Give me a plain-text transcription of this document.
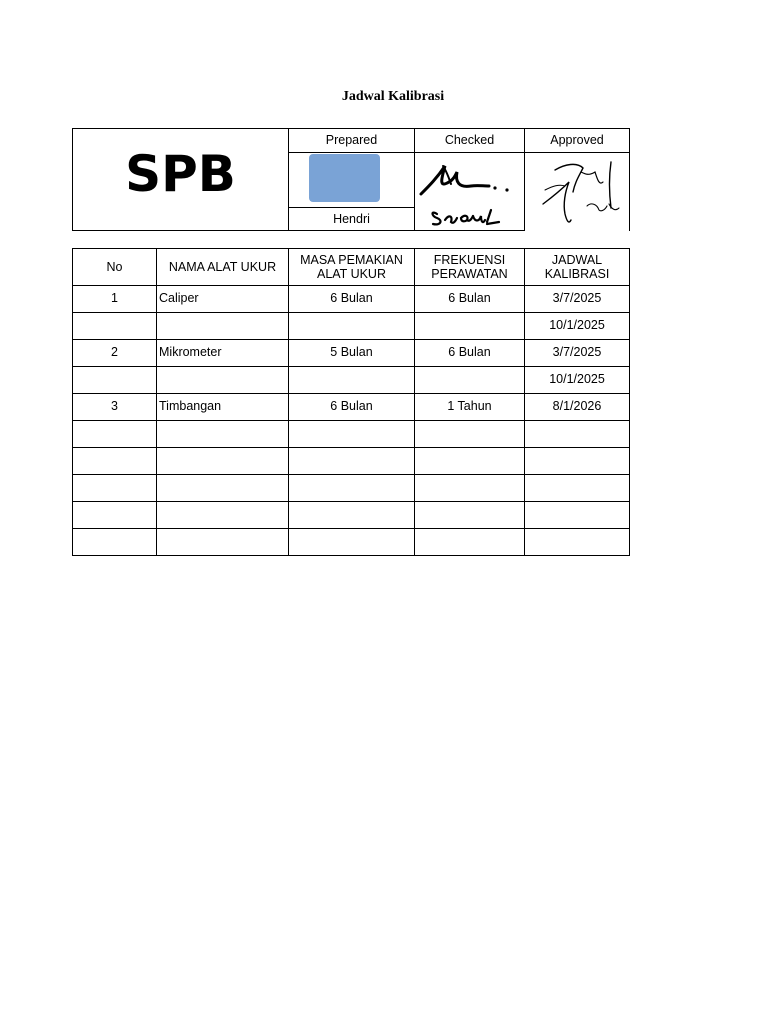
Jadwal Kalibrasi
SPB
Prepared
Hendri
Checked	Approved
No	NAMA ALAT UKUR	MASA PEMAKIAN ALAT UKUR	FREKUENSI PERAWATAN	JADWAL KALIBRASI
1	Caliper	6 Bulan	6 Bulan	3/7/2025
				10/1/2025
2	Mikrometer	5 Bulan	6 Bulan	3/7/2025
				10/1/2025
3	Timbangan	6 Bulan	1 Tahun	8/1/2026
